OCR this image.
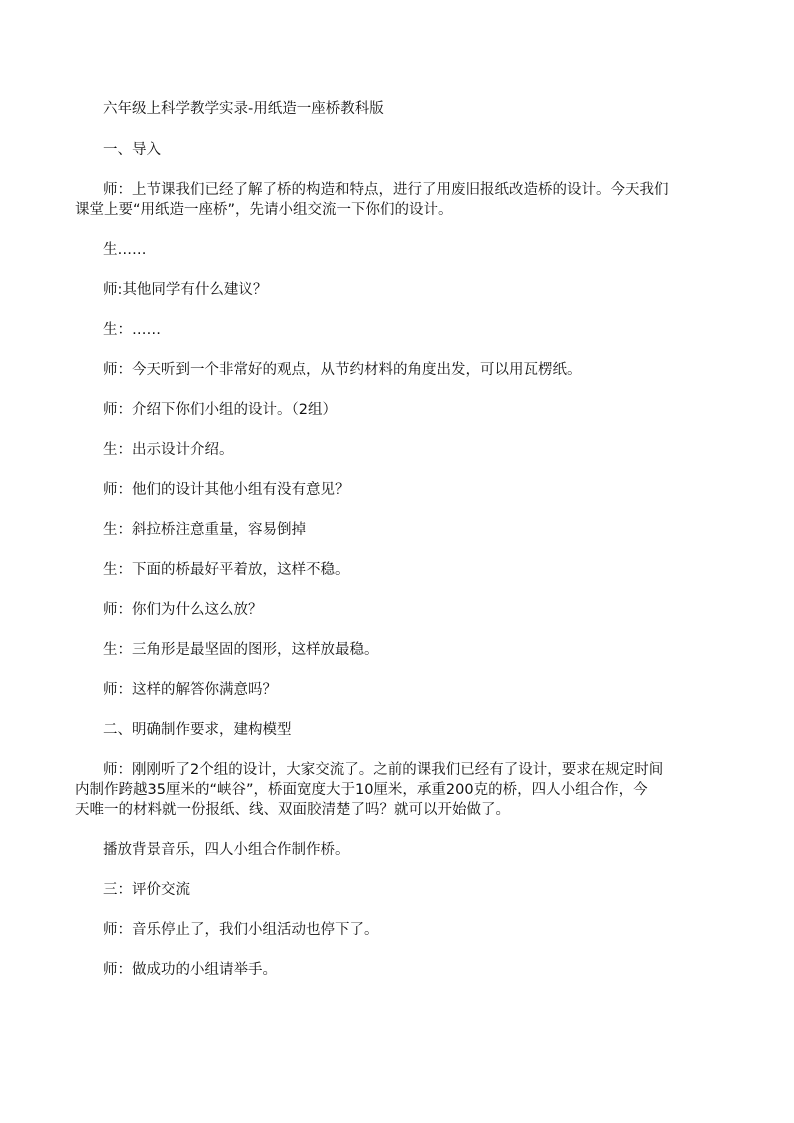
六年级上科学教学实录-用纸造一座桥教科版

一、导入

师：上节课我们已经了解了桥的构造和特点，进行了用废旧报纸改造桥的设计。今天我们
课堂上要“用纸造一座桥”，先请小组交流一下你们的设计。

生……

师:其他同学有什么建议？

生：……

师：今天听到一个非常好的观点，从节约材料的角度出发，可以用瓦楞纸。

师：介绍下你们小组的设计。（2组）

生：出示设计介绍。

师：他们的设计其他小组有没有意见？

生：斜拉桥注意重量，容易倒掉

生：下面的桥最好平着放，这样不稳。

师：你们为什么这么放？

生：三角形是最坚固的图形，这样放最稳。

师：这样的解答你满意吗？

二、明确制作要求，建构模型

师：刚刚听了2个组的设计，大家交流了。之前的课我们已经有了设计，要求在规定时间
内制作跨越35厘米的“峡谷”，桥面宽度大于10厘米，承重200克的桥，四人小组合作，今
天唯一的材料就一份报纸、线、双面胶清楚了吗？就可以开始做了。

播放背景音乐，四人小组合作制作桥。

三：评价交流

师：音乐停止了，我们小组活动也停下了。

师：做成功的小组请举手。
